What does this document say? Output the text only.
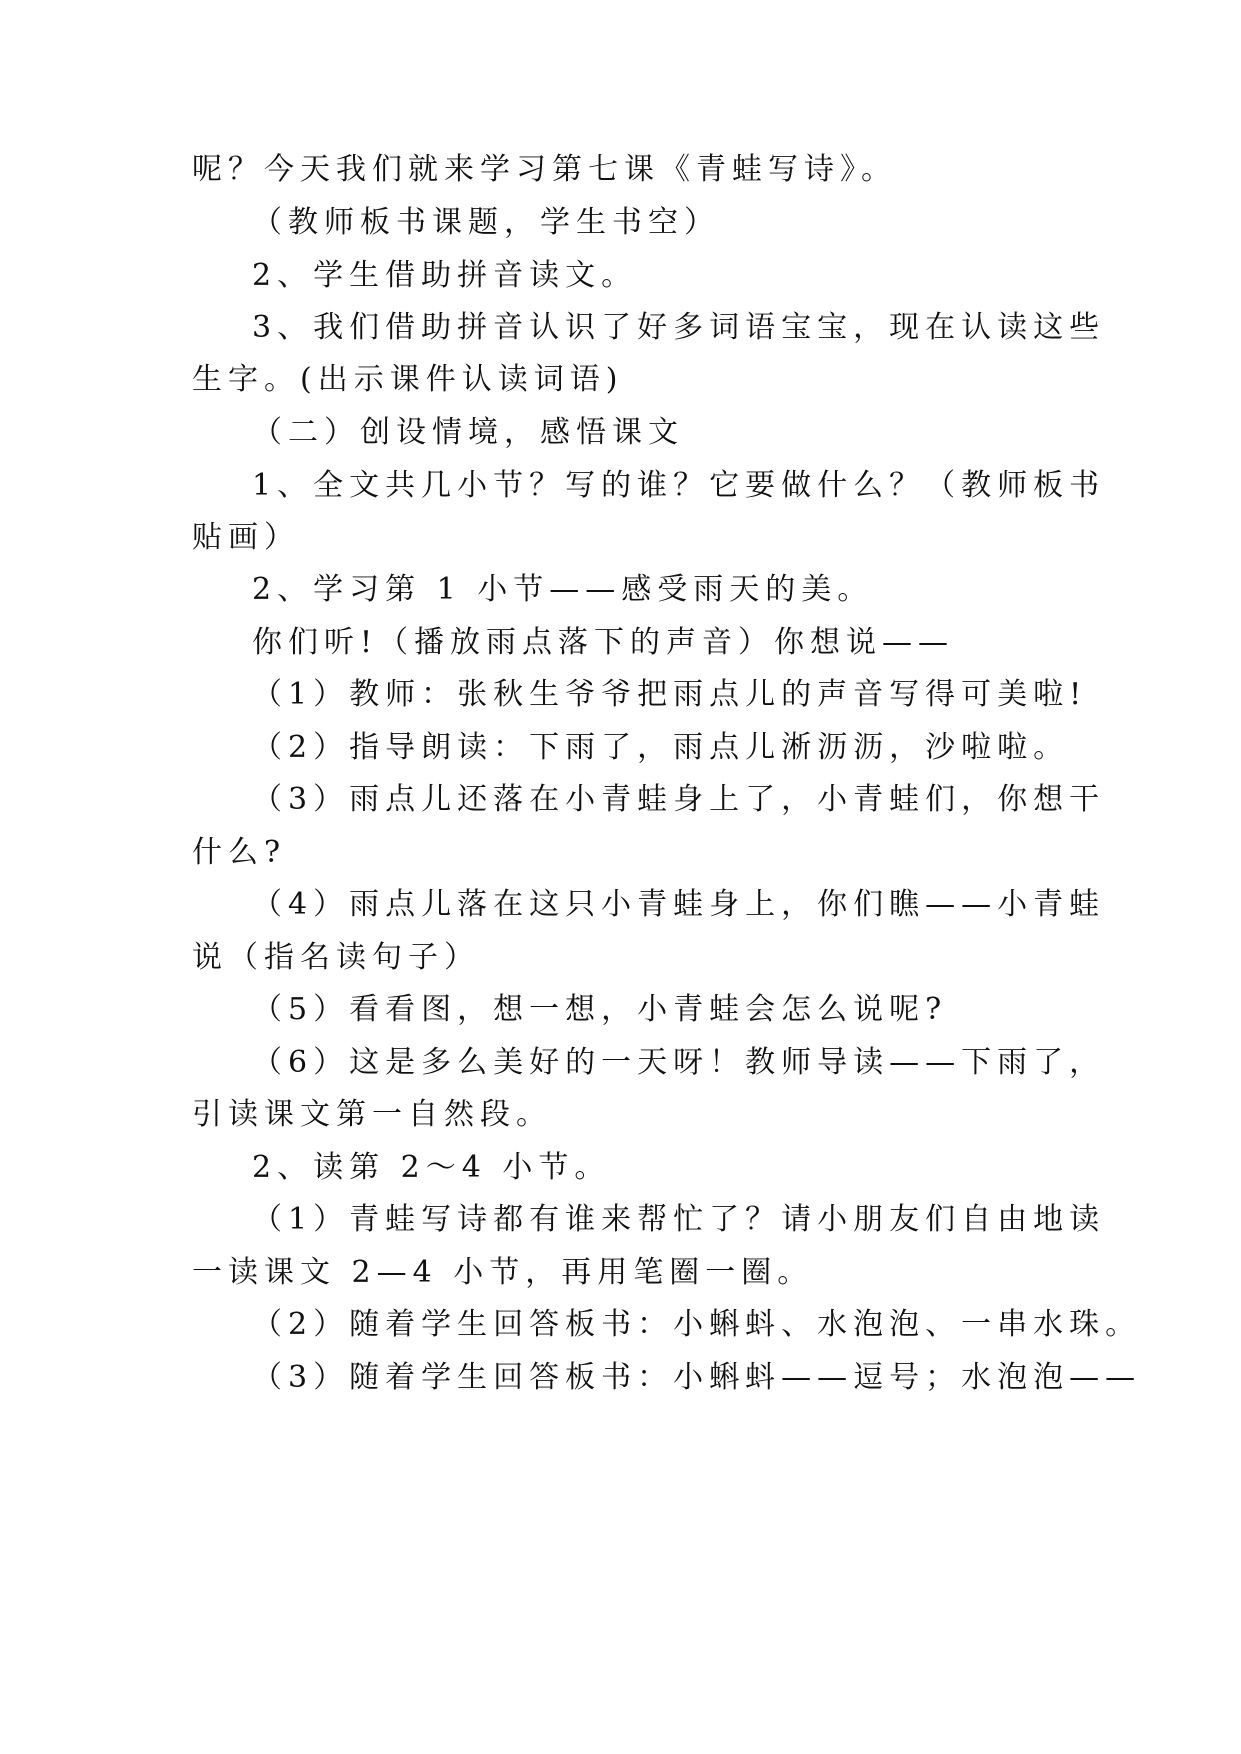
呢？今天我们就来学习第七课《青蛙写诗》。
（教师板书课题，学生书空）
2、学生借助拼音读文。
3、我们借助拼音认识了好多词语宝宝，现在认读这些
生字。(出示课件认读词语)
（二）创设情境，感悟课文
1、全文共几小节？写的谁？它要做什么？（教师板书
贴画）
2、学习第 1 小节——感受雨天的美。
你们听!（播放雨点落下的声音）你想说——
（1）教师：张秋生爷爷把雨点儿的声音写得可美啦!
（2）指导朗读：下雨了，雨点儿淅沥沥，沙啦啦。
（3）雨点儿还落在小青蛙身上了，小青蛙们，你想干
什么?
（4）雨点儿落在这只小青蛙身上，你们瞧——小青蛙
说（指名读句子）
（5）看看图，想一想，小青蛙会怎么说呢?
（6）这是多么美好的一天呀！教师导读——下雨了，
引读课文第一自然段。
2、读第 2～4 小节。
（1）青蛙写诗都有谁来帮忙了？请小朋友们自由地读
一读课文 2—4 小节，再用笔圈一圈。
（2）随着学生回答板书：小蝌蚪、水泡泡、一串水珠。
（3）随着学生回答板书：小蝌蚪——逗号；水泡泡——
